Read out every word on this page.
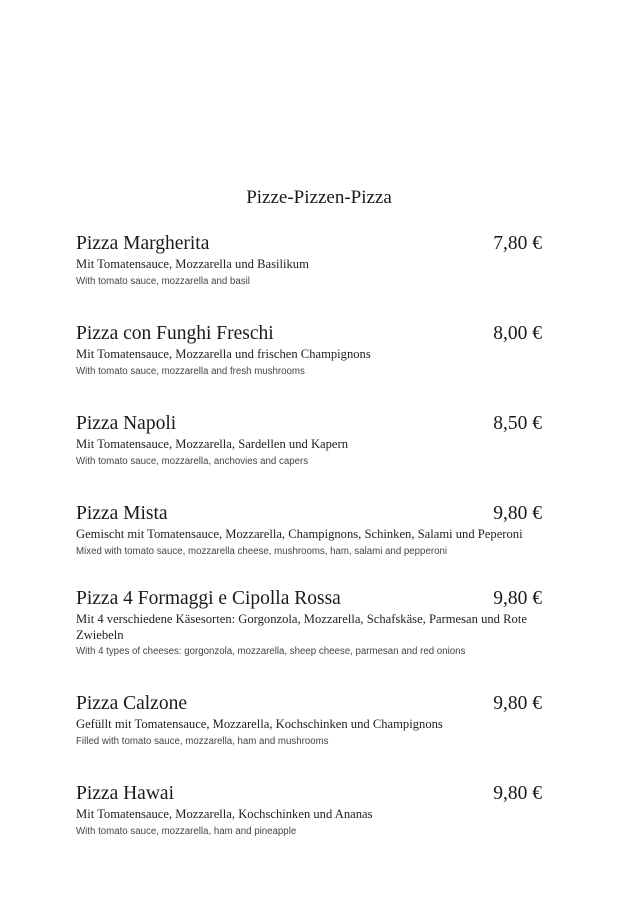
Pizze-Pizzen-Pizza
Pizza Margherita	7,80 €
Mit Tomatensauce, Mozzarella und Basilikum
With tomato sauce, mozzarella and basil
Pizza con Funghi Freschi	8,00 €
Mit Tomatensauce, Mozzarella und frischen Champignons
With tomato sauce, mozzarella and fresh mushrooms
Pizza Napoli	8,50 €
Mit Tomatensauce, Mozzarella, Sardellen und Kapern
With tomato sauce, mozzarella, anchovies and capers
Pizza Mista	9,80 €
Gemischt mit Tomatensauce, Mozzarella, Champignons, Schinken, Salami und Peperoni
Mixed with tomato sauce, mozzarella cheese, mushrooms, ham, salami and pepperoni
Pizza 4 Formaggi e Cipolla Rossa	9,80 €
Mit 4 verschiedene Käsesorten: Gorgonzola, Mozzarella, Schafskäse, Parmesan und Rote Zwiebeln
With 4 types of cheeses: gorgonzola, mozzarella, sheep cheese, parmesan and red onions
Pizza Calzone	9,80 €
Gefüllt mit Tomatensauce, Mozzarella, Kochschinken und Champignons
Filled with tomato sauce, mozzarella, ham and mushrooms
Pizza Hawai	9,80 €
Mit Tomatensauce, Mozzarella, Kochschinken und Ananas
With tomato sauce, mozzarella, ham and pineapple
